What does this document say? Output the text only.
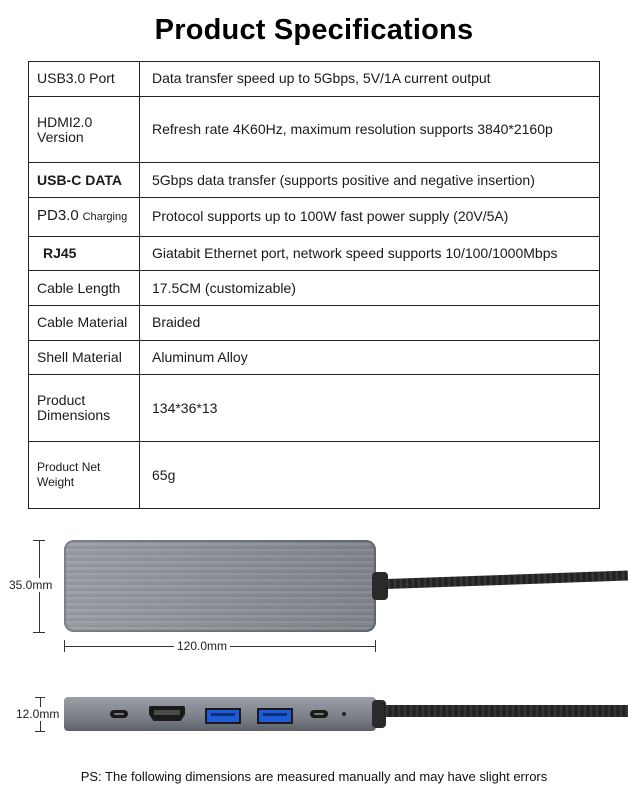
Product Specifications
USB3.0 Port	Data transfer speed up to 5Gbps, 5V/1A current output
HDMI2.0 Version	Refresh rate 4K60Hz, maximum resolution supports 3840*2160p
USB-C DATA	5Gbps data transfer (supports positive and negative insertion)
PD3.0 Charging	Protocol supports up to 100W fast power supply (20V/5A)
RJ45	Giatabit Ethernet port, network speed supports 10/100/1000Mbps
Cable Length	17.5CM (customizable)
Cable Material	Braided
Shell Material	Aluminum Alloy
Product Dimensions	134*36*13
Product Net Weight	65g
35.0mm
120.0mm
12.0mm
PS: The following dimensions are measured manually and may have slight errors
